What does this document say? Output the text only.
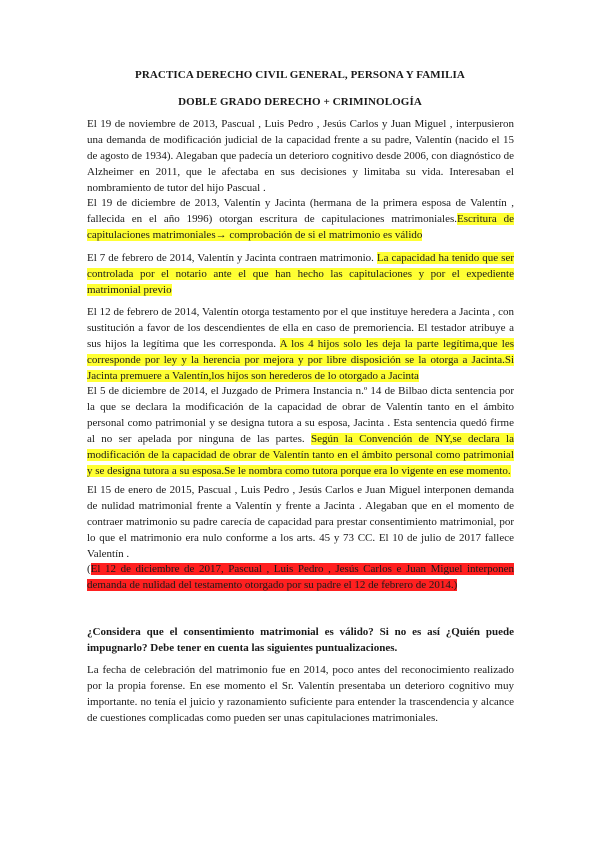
PRACTICA DERECHO CIVIL GENERAL, PERSONA Y FAMILIA
DOBLE GRADO DERECHO + CRIMINOLOGÍA

El 19 de noviembre de 2013, Pascual , Luis Pedro , Jesús Carlos y Juan Miguel , interpusieron una demanda de modificación judicial de la capacidad frente a su padre, Valentín (nacido el 15 de agosto de 1934). Alegaban que padecía un deterioro cognitivo desde 2006, con diagnóstico de Alzheimer en 2011, que le afectaba en sus decisiones y limitaba su vida. Interesaban el nombramiento de tutor del hijo Pascual .

El 19 de diciembre de 2013, Valentín y Jacinta (hermana de la primera esposa de Valentín , fallecida en el año 1996) otorgan escritura de capitulaciones matrimoniales.Escritura de capitulaciones matrimoniales→ comprobación de si el matrimonio es válido

El 7 de febrero de 2014, Valentín y Jacinta contraen matrimonio. La capacidad ha tenido que ser controlada por el notario ante el que han hecho las capitulaciones y por el expediente matrimonial previo

El 12 de febrero de 2014, Valentín otorga testamento por el que instituye heredera a Jacinta , con sustitución a favor de los descendientes de ella en caso de premoriencia. El testador atribuye a sus hijos la legítima que les corresponda. A los 4 hijos solo les deja la parte legítima,que les corresponde por ley y la herencia por mejora y por libre disposición se la otorga a Jacinta.Si Jacinta premuere a Valentín,los hijos son herederos de lo otorgado a Jacinta

El 5 de diciembre de 2014, el Juzgado de Primera Instancia n.º 14 de Bilbao dicta sentencia por la que se declara la modificación de la capacidad de obrar de Valentín tanto en el ámbito personal como patrimonial y se designa tutora a su esposa, Jacinta . Esta sentencia quedó firme al no ser apelada por ninguna de las partes. Según la Convención de NY,se declara la modificación de la capacidad de obrar de Valentín tanto en el ámbito personal como patrimonial y se designa tutora a su esposa.Se le nombra como tutora porque era lo vigente en ese momento.

El 15 de enero de 2015, Pascual , Luis Pedro , Jesús Carlos e Juan Miguel interponen demanda de nulidad matrimonial frente a Valentín y frente a Jacinta . Alegaban que en el momento de contraer matrimonio su padre carecía de capacidad para prestar consentimiento matrimonial, por lo que el matrimonio era nulo conforme a los arts. 45 y 73 CC. El 10 de julio de 2017 fallece Valentín .

(El 12 de diciembre de 2017, Pascual , Luis Pedro , Jesús Carlos e Juan Miguel interponen demanda de nulidad del testamento otorgado por su padre el 12 de febrero de 2014.)

¿Considera que el consentimiento matrimonial es válido? Si no es así ¿Quién puede impugnarlo? Debe tener en cuenta las siguientes puntualizaciones.

La fecha de celebración del matrimonio fue en 2014, poco antes del reconocimiento realizado por la propia forense. En ese momento el Sr. Valentín presentaba un deterioro cognitivo muy importante. no tenía el juicio y razonamiento suficiente para entender la trascendencia y alcance de cuestiones complicadas como pueden ser unas capitulaciones matrimoniales.
